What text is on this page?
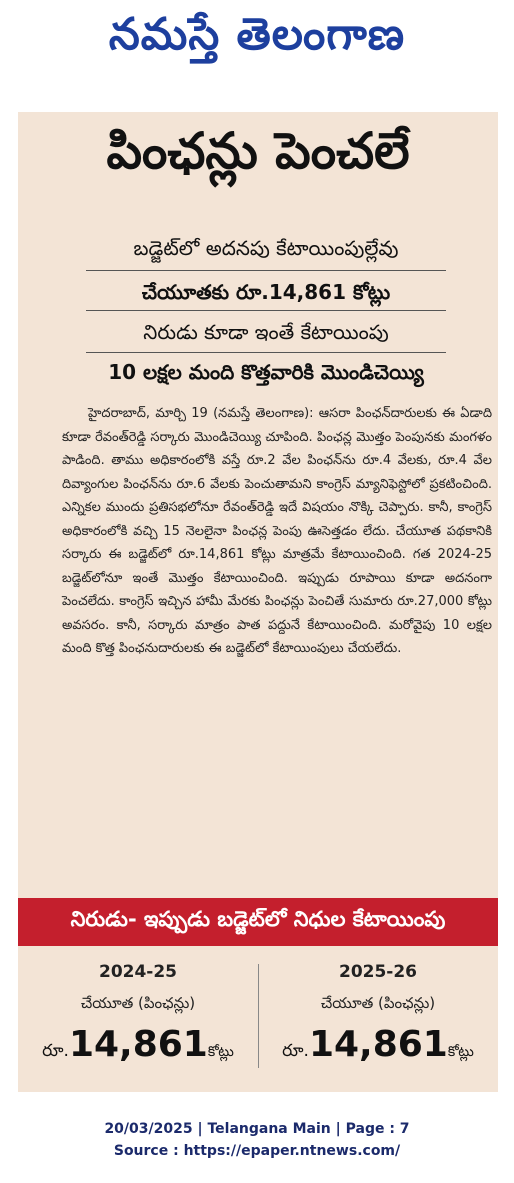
నమస్తే తెలంగాణ
పింఛన్లు పెంచలే
బడ్జెట్‌లో అదనపు కేటాయింపుల్లేవు
చేయూతకు రూ.14,861 కోట్లు
నిరుడు కూడా ఇంతే కేటాయింపు
10 లక్షల మంది కొత్తవారికి మొండిచెయ్యి
హైదరాబాద్, మార్చి 19 (నమస్తే తెలంగాణ): ఆసరా పింఛన్‌దారులకు ఈ ఏడాది కూడా రేవంత్‌రెడ్డి సర్కారు మొండిచెయ్యి చూపింది. పింఛన్ల మొత్తం పెంపునకు మంగళం పాడింది. తాము అధికారంలోకి వస్తే రూ.2 వేల పింఛన్‌ను రూ.4 వేలకు, రూ.4 వేల దివ్యాంగుల పింఛన్‌ను రూ.6 వేలకు పెంచుతామని కాంగ్రెస్ మ్యానిఫెస్టోలో ప్రకటించింది. ఎన్నికల ముందు ప్రతిసభలోనూ రేవంత్‌రెడ్డి ఇదే విషయం నొక్కి చెప్పారు. కానీ, కాంగ్రెస్ అధికారంలోకి వచ్చి 15 నెలలైనా పింఛన్ల పెంపు ఊసెత్తడం లేదు. చేయూత పథకానికి సర్కారు ఈ బడ్జెట్‌లో రూ.14,861 కోట్లు మాత్రమే కేటాయించింది. గత 2024-25 బడ్జెట్‌లోనూ ఇంతే మొత్తం కేటాయించింది. ఇప్పుడు రూపాయి కూడా అదనంగా పెంచలేదు. కాంగ్రెస్ ఇచ్చిన హామీ మేరకు పింఛన్లు పెంచితే సుమారు రూ.27,000 కోట్లు అవసరం. కానీ, సర్కారు మాత్రం పాత పద్దునే కేటాయించింది. మరోవైపు 10 లక్షల మంది కొత్త పింఛనుదారులకు ఈ బడ్జెట్‌లో కేటాయింపులు చేయలేదు.
నిరుడు- ఇప్పుడు బడ్జెట్‌లో నిధుల కేటాయింపు
2024-25
చేయూత (పింఛన్లు)
రూ.14,861కోట్లు
2025-26
చేయూత (పింఛన్లు)
రూ.14,861కోట్లు
20/03/2025 | Telangana Main | Page : 7
Source : https://epaper.ntnews.com/
